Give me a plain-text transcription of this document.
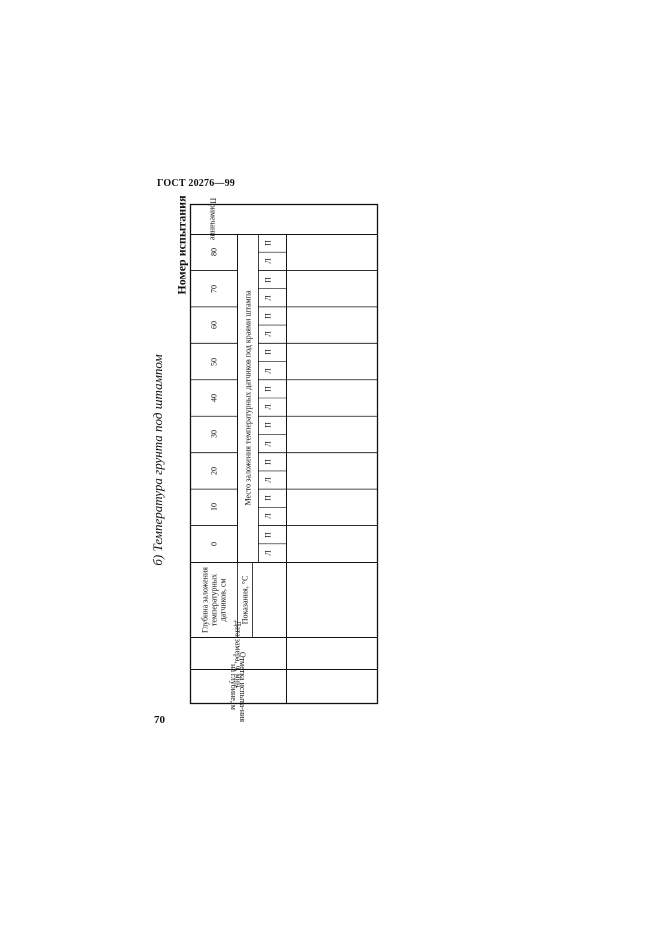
ГОСТ 20276—99
б) Температура грунта под штампом
Номер испытания	80
70
60
50
40
30
20
10
0
П
Л
П
Л
П
Л
П
Л
П
Л
П
Л
П
Л
П
Л
П
Л
Глубина заложения температурных датчиков, см Показания, °С
Место заложения температурных датчиков под краями штампа
Примечание
Дата замера, ч, мин
Отметка испыта-ния на глубине, м
70
